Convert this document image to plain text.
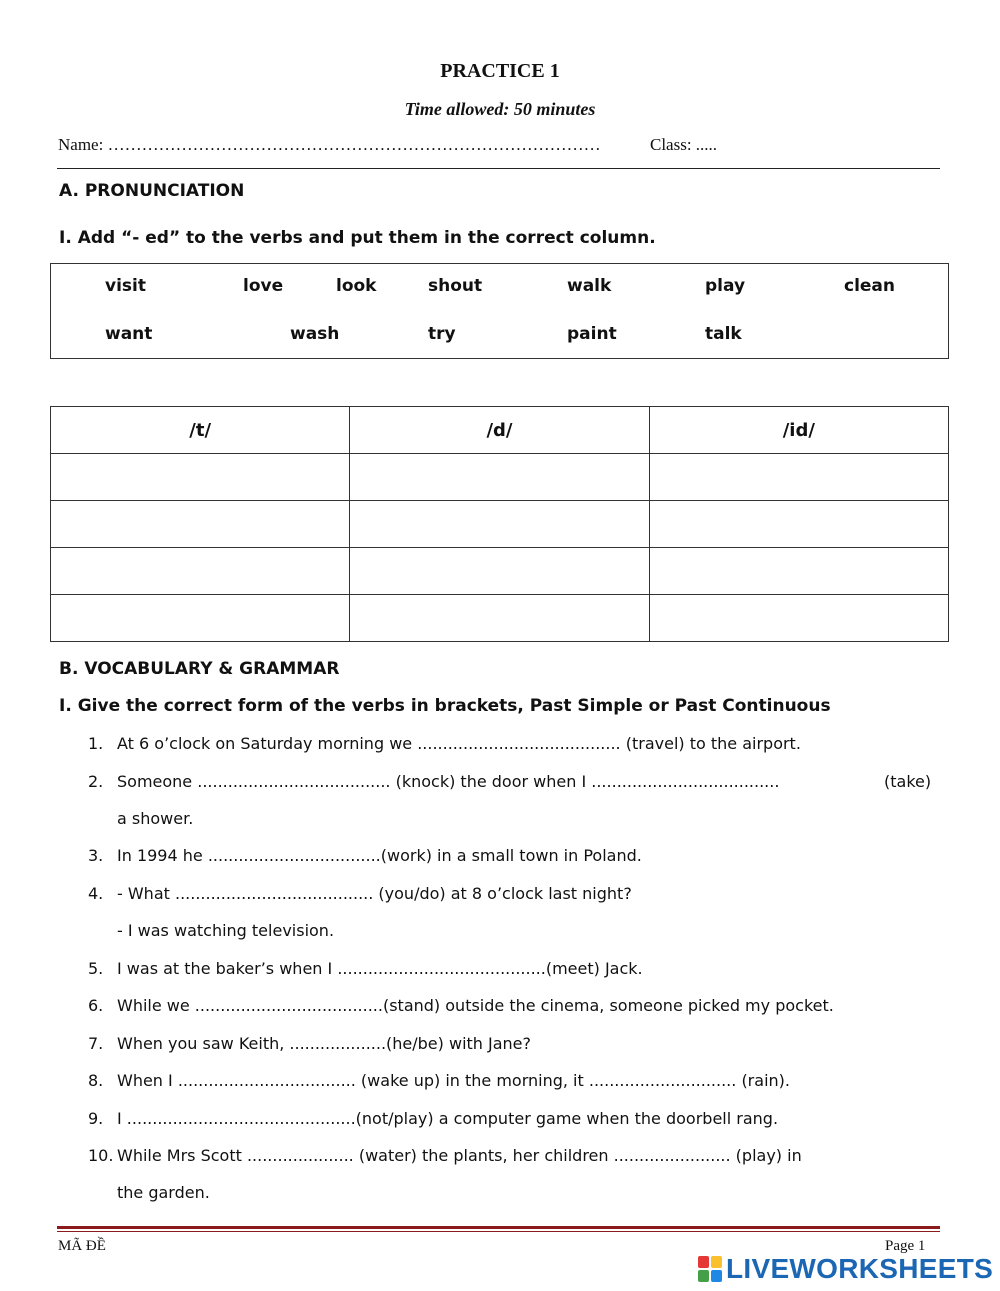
PRACTICE 1
Time allowed: 50 minutes
Name: ……………………………………………………………………………	Class: .....
A. PRONUNCIATION
I. Add “- ed” to the verbs and put them in the correct column.
visit	love	look	shout	walk	play	clean
want	wash	try	paint	talk
/t/	/d/	/id/

B. VOCABULARY & GRAMMAR
I. Give the correct form of the verbs in brackets, Past Simple or Past Continuous
1. At 6 o’clock on Saturday morning we ........................................ (travel) to the airport.
2. Someone ...................................... (knock) the door when I .....................................	(take)
a shower.
3. In 1994 he ..................................(work) in a small town in Poland.
4. - What ....................................... (you/do) at 8 o’clock last night?
- I was watching television.
5. I was at the baker’s when I .........................................(meet) Jack.
6. While we .....................................(stand) outside the cinema, someone picked my pocket.
7. When you saw Keith, ...................(he/be) with Jane?
8. When I ................................... (wake up) in the morning, it ............................. (rain).
9. I .............................................(not/play) a computer game when the doorbell rang.
10. While Mrs Scott ..................... (water) the plants, her children ....................... (play) in
the garden.
MÃ ĐỀ	Page 1
LIVEWORKSHEETS
